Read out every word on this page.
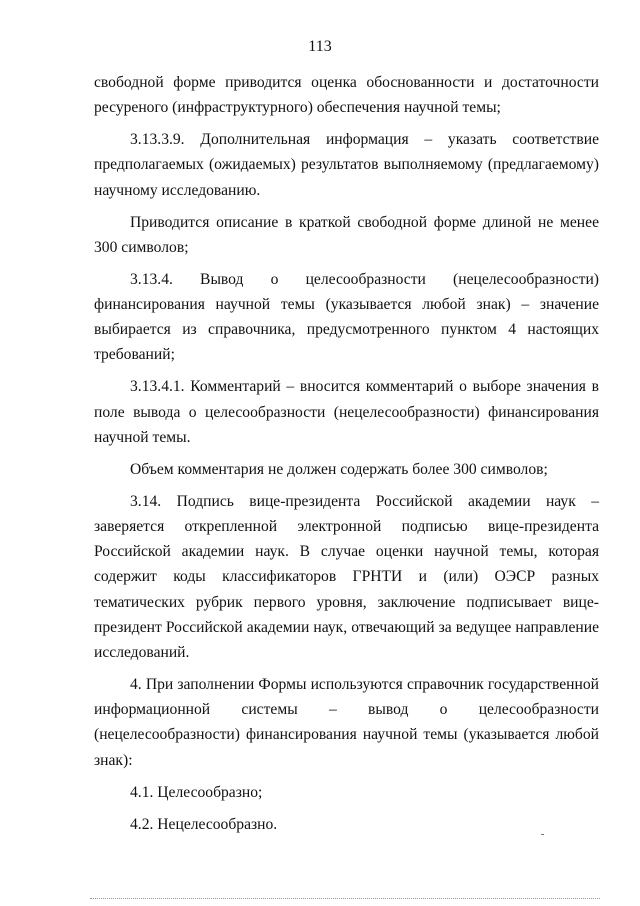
113

свободной форме приводится оценка обоснованности и достаточности ресуреного (инфраструктурного) обеспечения научной темы;

3.13.3.9. Дополнительная информация – указать соответствие предполагаемых (ожидаемых) результатов выполняемому (предлагаемому) научному исследованию.

Приводится описание в краткой свободной форме длиной не менее 300 символов;

3.13.4. Вывод о целесообразности (нецелесообразности) финансирования научной темы (указывается любой знак) – значение выбирается из справочника, предусмотренного пунктом 4 настоящих требований;

3.13.4.1. Комментарий – вносится комментарий о выборе значения в поле вывода о целесообразности (нецелесообразности) финансирования научной темы.

Объем комментария не должен содержать более 300 символов;

3.14. Подпись вице-президента Российской академии наук – заверяется открепленной электронной подписью вице-президента Российской академии наук. В случае оценки научной темы, которая содержит коды классификаторов ГРНТИ и (или) ОЭСР разных тематических рубрик первого уровня, заключение подписывает вице-президент Российской академии наук, отвечающий за ведущее направление исследований.

4. При заполнении Формы используются справочник государственной информационной системы – вывод о целесообразности (нецелесообразности) финансирования научной темы (указывается любой знак):

4.1. Целесообразно;

4.2. Нецелесообразно.
